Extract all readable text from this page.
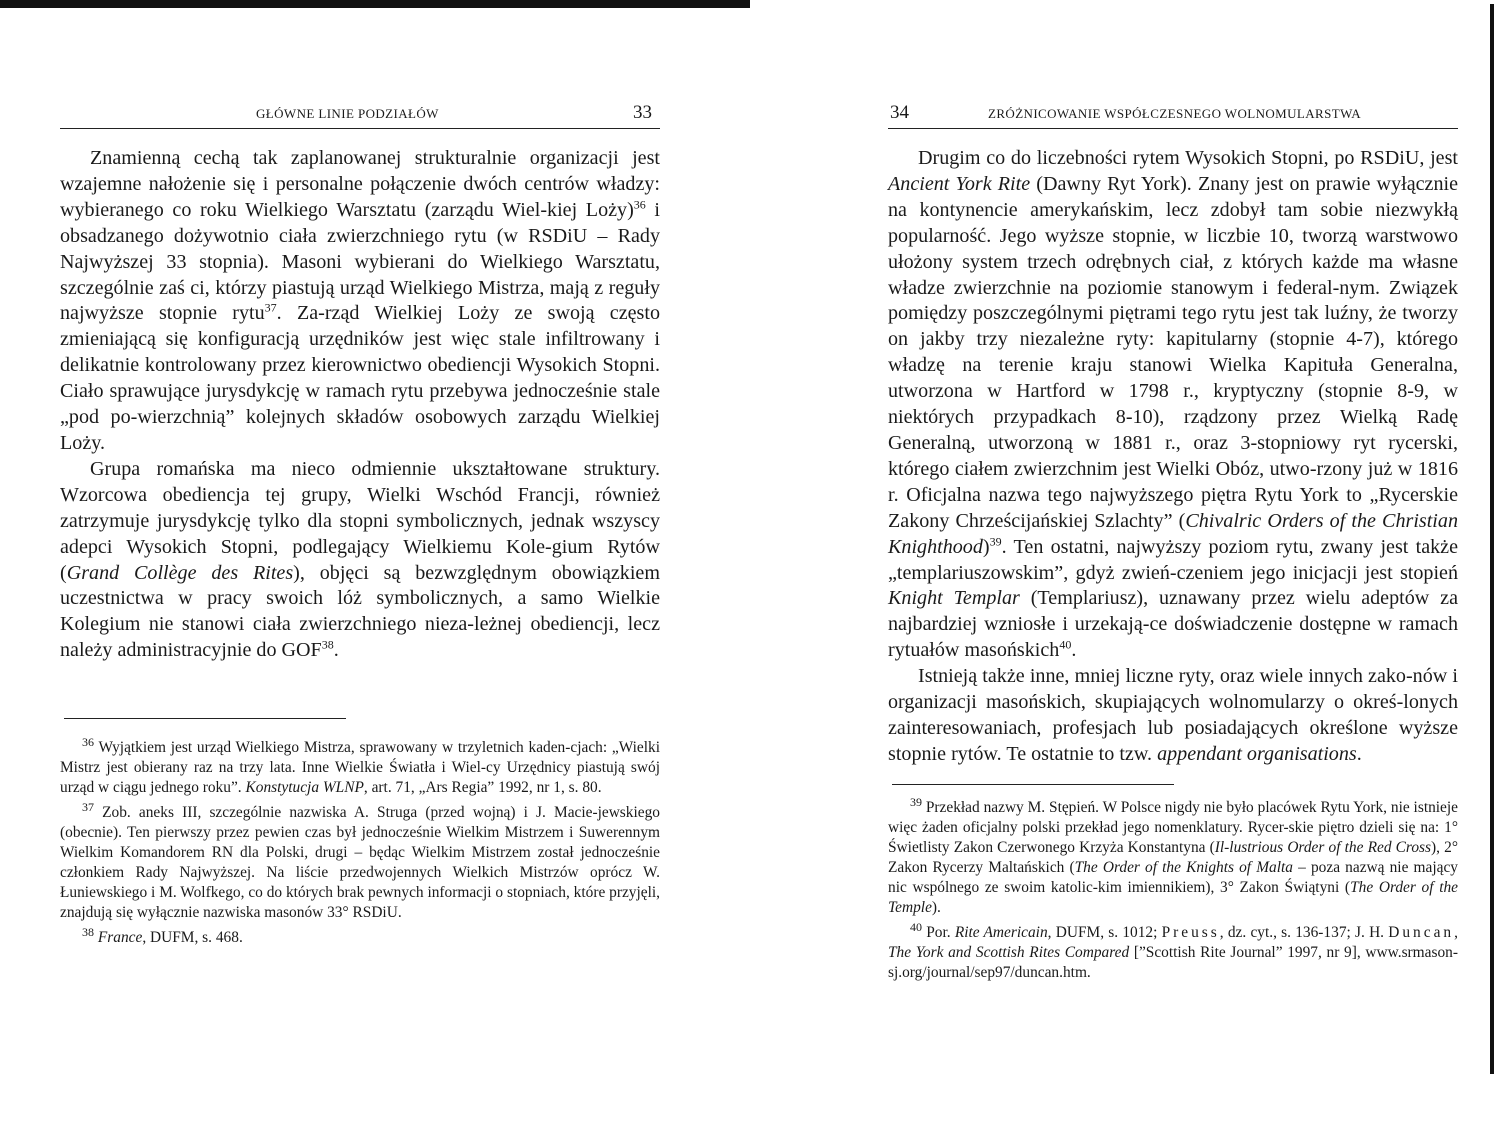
GŁÓWNE LINIE PODZIAŁÓW	33

Znamienną cechą tak zaplanowanej strukturalnie organizacji jest wzajemne nałożenie się i personalne połączenie dwóch centrów władzy: wybieranego co roku Wielkiego Warsztatu (zarządu Wiel-kiej Loży)$^{36}$ i obsadzanego dożywotnio ciała zwierzchniego rytu (w RSDiU – Rady Najwyższej 33 stopnia). Masoni wybierani do Wielkiego Warsztatu, szczególnie zaś ci, którzy piastują urząd Wielkiego Mistrza, mają z reguły najwyższe stopnie rytu$^{37}$. Za-rząd Wielkiej Loży ze swoją często zmieniającą się konfiguracją urzędników jest więc stale infiltrowany i delikatnie kontrolowany przez kierownictwo obediencji Wysokich Stopni. Ciało sprawujące jurysdykcję w ramach rytu przebywa jednocześnie stale „pod po-wierzchnią” kolejnych składów osobowych zarządu Wielkiej Loży.

Grupa romańska ma nieco odmiennie ukształtowane struktury. Wzorcowa obediencja tej grupy, Wielki Wschód Francji, również zatrzymuje jurysdykcję tylko dla stopni symbolicznych, jednak wszyscy adepci Wysokich Stopni, podlegający Wielkiemu Kole-gium Rytów (Grand Collège des Rites), objęci są bezwzględnym obowiązkiem uczestnictwa w pracy swoich lóż symbolicznych, a samo Wielkie Kolegium nie stanowi ciała zwierzchniego nieza-leżnej obediencji, lecz należy administracyjnie do GOF$^{38}$.

$^{36}$ Wyjątkiem jest urząd Wielkiego Mistrza, sprawowany w trzyletnich kaden-cjach: „Wielki Mistrz jest obierany raz na trzy lata. Inne Wielkie Światła i Wiel-cy Urzędnicy piastują swój urząd w ciągu jednego roku”. Konstytucja WLNP, art. 71, „Ars Regia” 1992, nr 1, s. 80.

$^{37}$ Zob. aneks III, szczególnie nazwiska A. Struga (przed wojną) i J. Macie-jewskiego (obecnie). Ten pierwszy przez pewien czas był jednocześnie Wielkim Mistrzem i Suwerennym Wielkim Komandorem RN dla Polski, drugi – będąc Wielkim Mistrzem został jednocześnie członkiem Rady Najwyższej. Na liście przedwojennych Wielkich Mistrzów oprócz W. Łuniewskiego i M. Wolfkego, co do których brak pewnych informacji o stopniach, które przyjęli, znajdują się wyłącznie nazwiska masonów 33° RSDiU.

$^{38}$ France, DUFM, s. 468.

34	ZRÓŻNICOWANIE WSPÓŁCZESNEGO WOLNOMULARSTWA

Drugim co do liczebności rytem Wysokich Stopni, po RSDiU, jest Ancient York Rite (Dawny Ryt York). Znany jest on prawie wyłącznie na kontynencie amerykańskim, lecz zdobył tam sobie niezwykłą popularność. Jego wyższe stopnie, w liczbie 10, tworzą warstwowo ułożony system trzech odrębnych ciał, z których każde ma własne władze zwierzchnie na poziomie stanowym i federal-nym. Związek pomiędzy poszczególnymi piętrami tego rytu jest tak luźny, że tworzy on jakby trzy niezależne ryty: kapitularny (stopnie 4-7), którego władzę na terenie kraju stanowi Wielka Kapituła Generalna, utworzona w Hartford w 1798 r., kryptyczny (stopnie 8-9, w niektórych przypadkach 8-10), rządzony przez Wielką Radę Generalną, utworzoną w 1881 r., oraz 3-stopniowy ryt rycerski, którego ciałem zwierzchnim jest Wielki Obóz, utwo-rzony już w 1816 r. Oficjalna nazwa tego najwyższego piętra Rytu York to „Rycerskie Zakony Chrześcijańskiej Szlachty” (Chivalric Orders of the Christian Knighthood)$^{39}$. Ten ostatni, najwyższy poziom rytu, zwany jest także „templariuszowskim”, gdyż zwień-czeniem jego inicjacji jest stopień Knight Templar (Templariusz), uznawany przez wielu adeptów za najbardziej wzniosłe i urzekają-ce doświadczenie dostępne w ramach rytuałów masońskich$^{40}$.

Istnieją także inne, mniej liczne ryty, oraz wiele innych zako-nów i organizacji masońskich, skupiających wolnomularzy o okreś-lonych zainteresowaniach, profesjach lub posiadających określone wyższe stopnie rytów. Te ostatnie to tzw. appendant organisations.

$^{39}$ Przekład nazwy M. Stępień. W Polsce nigdy nie było placówek Rytu York, nie istnieje więc żaden oficjalny polski przekład jego nomenklatury. Rycer-skie piętro dzieli się na: 1° Świetlisty Zakon Czerwonego Krzyża Konstantyna (Il-lustrious Order of the Red Cross), 2° Zakon Rycerzy Maltańskich (The Order of the Knights of Malta – poza nazwą nie mający nic wspólnego ze swoim katolic-kim imiennikiem), 3° Zakon Świątyni (The Order of the Temple).

$^{40}$ Por. Rite Americain, DUFM, s. 1012; Preuss, dz. cyt., s. 136-137; J. H. Duncan, The York and Scottish Rites Compared [”Scottish Rite Journal” 1997, nr 9], www.srmason-sj.org/journal/sep97/duncan.htm.
